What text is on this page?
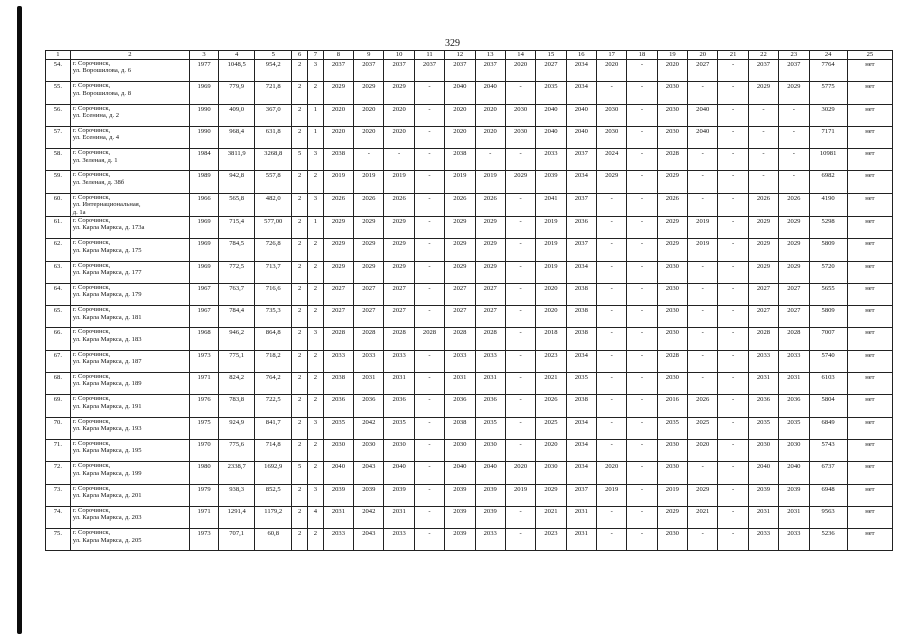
329
1	2	3	4	5	6	7	8	9	10	11	12	13	14	15	16	17	18	19	20	21	22	23	24	25
54.	г. Сорочинск,
ул. Ворошилова, д. 6	1977	1048,5	954,2	2	3	2037	2037	2037	2037	2037	2037	2020	2027	2034	2020	-	2020	2027	-	2037	2037	7764	нет
55.	г. Сорочинск,
ул. Ворошилова, д. 8	1969	779,9	721,8	2	2	2029	2029	2029	-	2040	2040	-	2035	2034	-	-	2030	-	-	2029	2029	5775	нет
56.	г. Сорочинск,
ул. Есенина, д. 2	1990	409,0	367,0	2	1	2020	2020	2020	-	2020	2020	2030	2040	2040	2030	-	2030	2040	-	-	-	3029	нет
57.	г. Сорочинск,
ул. Есенина, д. 4	1990	968,4	631,8	2	1	2020	2020	2020	-	2020	2020	2030	2040	2040	2030	-	2030	2040	-	-	-	7171	нет
58.	г. Сорочинск,
ул. Зеленая, д. 1	1984	3811,9	3268,8	5	3	2038	-	-	-	2038	-	-	2033	2037	2024	-	2028	-	-	-	-	10981	нет
59.	г. Сорочинск,
ул. Зеленая, д. 38б	1989	942,8	557,8	2	2	2019	2019	2019	-	2019	2019	2029	2039	2034	2029	-	2029	-	-	-	-	6982	нет
60.	г. Сорочинск,
ул. Интернациональная,
д. 1а	1966	565,8	482,0	2	3	2026	2026	2026	-	2026	2026	-	2041	2037	-	-	2026	-	-	2026	2026	4190	нет
61.	г. Сорочинск,
ул. Карла Маркса, д. 173а	1969	715,4	577,00	2	1	2029	2029	2029	-	2029	2029	-	2019	2036	-	-	2029	2019	-	2029	2029	5298	нет
62.	г. Сорочинск,
ул. Карла Маркса, д. 175	1969	784,5	726,8	2	2	2029	2029	2029	-	2029	2029	-	2019	2037	-	-	2029	2019	-	2029	2029	5809	нет
63.	г. Сорочинск,
ул. Карла Маркса, д. 177	1969	772,5	713,7	2	2	2029	2029	2029	-	2029	2029	-	2019	2034	-	-	2030	-	-	2029	2029	5720	нет
64.	г. Сорочинск,
ул. Карла Маркса, д. 179	1967	763,7	716,6	2	2	2027	2027	2027	-	2027	2027	-	2020	2038	-	-	2030	-	-	2027	2027	5655	нет
65.	г. Сорочинск,
ул. Карла Маркса, д. 181	1967	784,4	735,3	2	2	2027	2027	2027	-	2027	2027	-	2020	2038	-	-	2030	-	-	2027	2027	5809	нет
66.	г. Сорочинск,
ул. Карла Маркса, д. 183	1968	946,2	864,8	2	3	2028	2028	2028	2028	2028	2028	-	2018	2038	-	-	2030	-	-	2028	2028	7007	нет
67.	г. Сорочинск,
ул. Карла Маркса, д. 187	1973	775,1	718,2	2	2	2033	2033	2033	-	2033	2033	-	2023	2034	-	-	2028	-	-	2033	2033	5740	нет
68.	г. Сорочинск,
ул. Карла Маркса, д. 189	1971	824,2	764,2	2	2	2038	2031	2031	-	2031	2031	-	2021	2035	-	-	2030	-	-	2031	2031	6103	нет
69.	г. Сорочинск,
ул. Карла Маркса, д. 191	1976	783,8	722,5	2	2	2036	2036	2036	-	2036	2036	-	2026	2038	-	-	2016	2026	-	2036	2036	5804	нет
70.	г. Сорочинск,
ул. Карла Маркса, д. 193	1975	924,9	841,7	2	3	2035	2042	2035	-	2038	2035	-	2025	2034	-	-	2035	2025	-	2035	2035	6849	нет
71.	г. Сорочинск,
ул. Карла Маркса, д. 195	1970	775,6	714,8	2	2	2030	2030	2030	-	2030	2030	-	2020	2034	-	-	2030	2020	-	2030	2030	5743	нет
72.	г. Сорочинск,
ул. Карла Маркса, д. 199	1980	2338,7	1692,9	5	2	2040	2043	2040	-	2040	2040	2020	2030	2034	2020	-	2030	-	-	2040	2040	6737	нет
73.	г. Сорочинск,
ул. Карла Маркса, д. 201	1979	938,3	852,5	2	3	2039	2039	2039	-	2039	2039	2019	2029	2037	2019	-	2019	2029	-	2039	2039	6948	нет
74.	г. Сорочинск,
ул. Карла Маркса, д. 203	1971	1291,4	1179,2	2	4	2031	2042	2031	-	2039	2039	-	2021	2031	-	-	2029	2021	-	2031	2031	9563	нет
75.	г. Сорочинск,
ул. Карла Маркса, д. 205	1973	707,1	60,8	2	2	2033	2043	2033	-	2039	2033	-	2023	2031	-	-	2030	-	-	2033	2033	5236	нет
